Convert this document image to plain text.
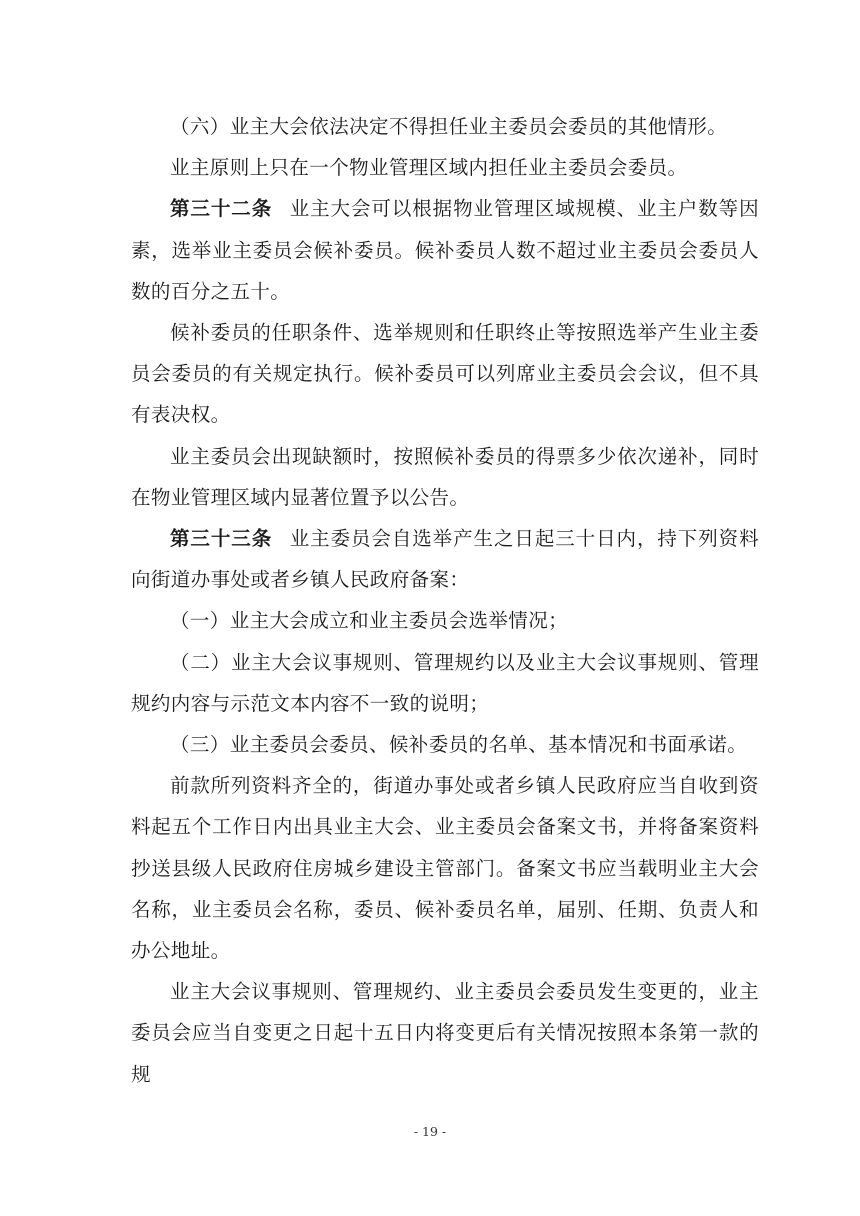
（六）业主大会依法决定不得担任业主委员会委员的其他情形。

业主原则上只在一个物业管理区域内担任业主委员会委员。

第三十二条 业主大会可以根据物业管理区域规模、业主户数等因素，选举业主委员会候补委员。候补委员人数不超过业主委员会委员人数的百分之五十。

候补委员的任职条件、选举规则和任职终止等按照选举产生业主委员会委员的有关规定执行。候补委员可以列席业主委员会会议，但不具有表决权。

业主委员会出现缺额时，按照候补委员的得票多少依次递补，同时在物业管理区域内显著位置予以公告。

第三十三条 业主委员会自选举产生之日起三十日内，持下列资料向街道办事处或者乡镇人民政府备案：

（一）业主大会成立和业主委员会选举情况；

（二）业主大会议事规则、管理规约以及业主大会议事规则、管理规约内容与示范文本内容不一致的说明；

（三）业主委员会委员、候补委员的名单、基本情况和书面承诺。

前款所列资料齐全的，街道办事处或者乡镇人民政府应当自收到资料起五个工作日内出具业主大会、业主委员会备案文书，并将备案资料抄送县级人民政府住房城乡建设主管部门。备案文书应当载明业主大会名称，业主委员会名称，委员、候补委员名单，届别、任期、负责人和办公地址。

业主大会议事规则、管理规约、业主委员会委员发生变更的，业主委员会应当自变更之日起十五日内将变更后有关情况按照本条第一款的规

- 19 -
